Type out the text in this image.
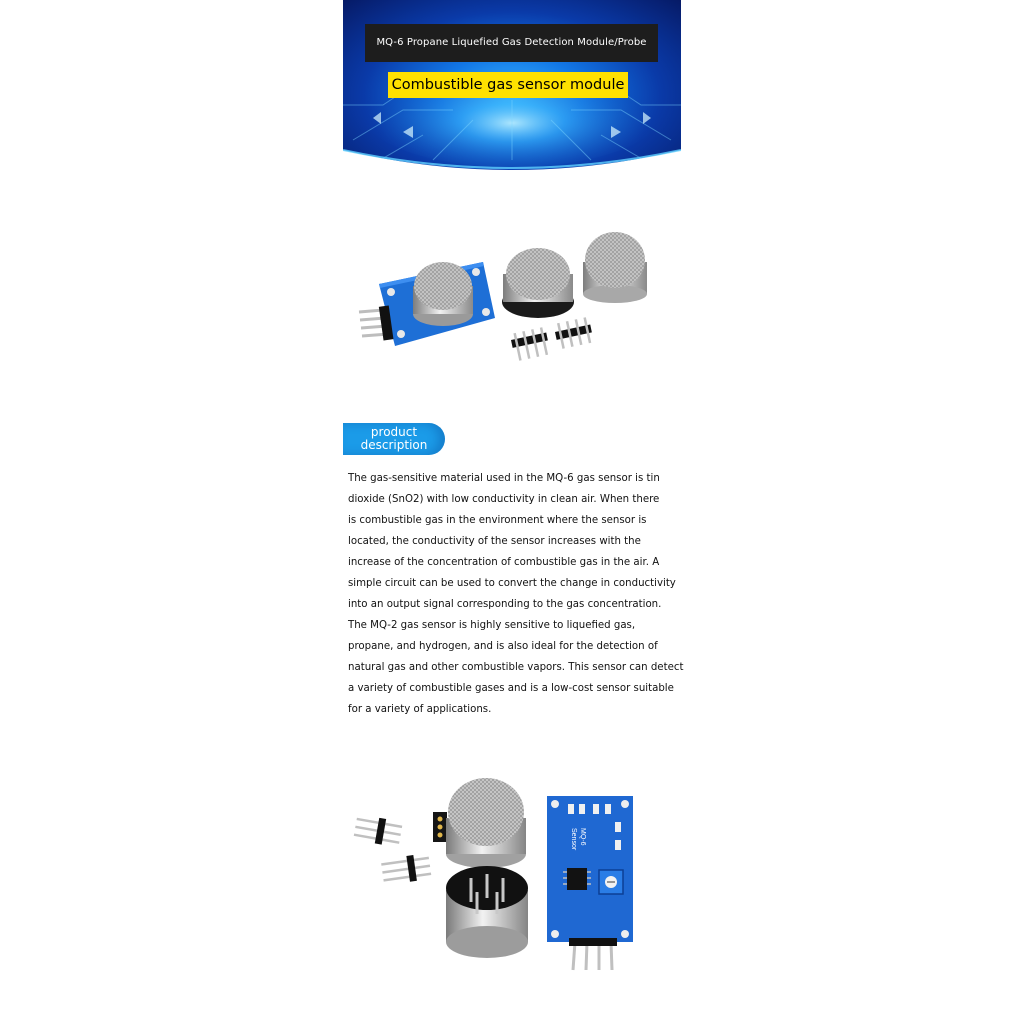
MQ-6 Propane Liquefied Gas Detection Module/Probe
Combustible gas sensor module
product
description
The gas-sensitive material used in the MQ-6 gas sensor is tin
dioxide (SnO2) with low conductivity in clean air. When there
is combustible gas in the environment where the sensor is
located, the conductivity of the sensor increases with the
increase of the concentration of combustible gas in the air. A
simple circuit can be used to convert the change in conductivity
into an output signal corresponding to the gas concentration.
The MQ-2 gas sensor is highly sensitive to liquefied gas,
propane, and hydrogen, and is also ideal for the detection of
natural gas and other combustible vapors. This sensor can detect
a variety of combustible gases and is a low-cost sensor suitable
for a variety of applications.
MQ-6
Sensor
